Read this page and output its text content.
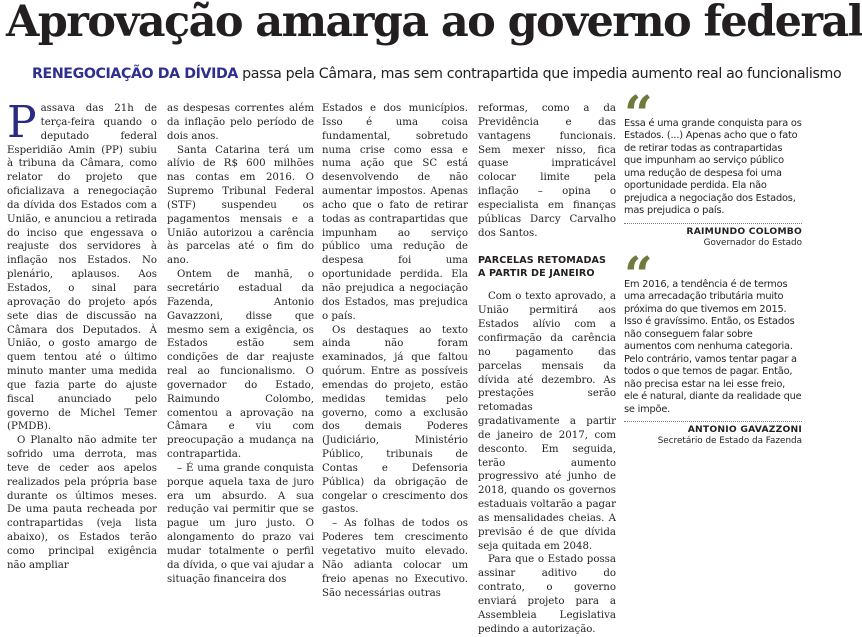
Aprovação amarga ao governo federal
RENEGOCIAÇÃO DA DÍVIDA passa pela Câmara, mas sem contrapartida que impedia aumento real ao funcionalismo

Passava das 21h de terça-feira quando o deputado federal Esperidião Amin (PP) subiu à tribuna da Câmara, como relator do projeto que oficializava a renegociação da dívida dos Estados com a União, e anunciou a retirada do inciso que engessava o reajuste dos servidores à inflação nos Estados. No plenário, aplausos. Aos Estados, o sinal para aprovação do projeto após sete dias de discussão na Câmara dos Deputados. À União, o gosto amargo de quem tentou até o último minuto manter uma medida que fazia parte do ajuste fiscal anunciado pelo governo de Michel Temer (PMDB).

O Planalto não admite ter sofrido uma derrota, mas teve de ceder aos apelos realizados pela própria base durante os últimos meses. De uma pauta recheada por contrapartidas (veja lista abaixo), os Estados terão como principal exigência não ampliar

as despesas correntes além da inflação pelo período de dois anos.

Santa Catarina terá um alívio de R$ 600 milhões nas contas em 2016. O Supremo Tribunal Federal (STF) suspendeu os pagamentos mensais e a União autorizou a carência às parcelas até o fim do ano.

Ontem de manhã, o secretário estadual da Fazenda, Antonio Gavazzoni, disse que mesmo sem a exigência, os Estados estão sem condições de dar reajuste real ao funcionalismo. O governador do Estado, Raimundo Colombo, comentou a aprovação na Câmara e viu com preocupação a mudança na contrapartida.

– É uma grande conquista porque aquela taxa de juro era um absurdo. A sua redução vai permitir que se pague um juro justo. O alongamento do prazo vai mudar totalmente o perfil da dívida, o que vai ajudar a situação financeira dos

Estados e dos municípios. Isso é uma coisa fundamental, sobretudo numa crise como essa e numa ação que SC está desenvolvendo de não aumentar impostos. Apenas acho que o fato de retirar todas as contrapartidas que impunham ao serviço público uma redução de despesa foi uma oportunidade perdida. Ela não prejudica a negociação dos Estados, mas prejudica o país.

Os destaques ao texto ainda não foram examinados, já que faltou quórum. Entre as possíveis emendas do projeto, estão medidas temidas pelo governo, como a exclusão dos demais Poderes (Judiciário, Ministério Público, tribunais de Contas e Defensoria Pública) da obrigação de congelar o crescimento dos gastos.

– As folhas de todos os Poderes tem crescimento vegetativo muito elevado. Não adianta colocar um freio apenas no Executivo. São necessárias outras

reformas, como a da Previdência e das vantagens funcionais. Sem mexer nisso, fica quase impraticável colocar limite pela inflação – opina o especialista em finanças públicas Darcy Carvalho dos Santos.

PARCELAS RETOMADAS A PARTIR DE JANEIRO

Com o texto aprovado, a União permitirá aos Estados alívio com a confirmação da carência no pagamento das parcelas mensais da dívida até dezembro. As prestações serão retomadas gradativamente a partir de janeiro de 2017, com desconto. Em seguida, terão aumento progressivo até junho de 2018, quando os governos estaduais voltarão a pagar as mensalidades cheias. A previsão é de que dívida seja quitada em 2048.

Para que o Estado possa assinar aditivo do contrato, o governo enviará projeto para a Assembleia Legislativa pedindo a autorização.

“

Essa é uma grande conquista para os Estados. (...) Apenas acho que o fato de retirar todas as contrapartidas que impunham ao serviço público uma redução de despesa foi uma oportunidade perdida. Ela não prejudica a negociação dos Estados, mas prejudica o país.

RAIMUNDO COLOMBO
Governador do Estado
“

Em 2016, a tendência é de termos uma arrecadação tributária muito próxima do que tivemos em 2015. Isso é gravíssimo. Então, os Estados não conseguem falar sobre aumentos com nenhuma categoria. Pelo contrário, vamos tentar pagar a todos o que temos de pagar. Então, não precisa estar na lei esse freio, ele é natural, diante da realidade que se impõe.

ANTONIO GAVAZZONI
Secretário de Estado da Fazenda
